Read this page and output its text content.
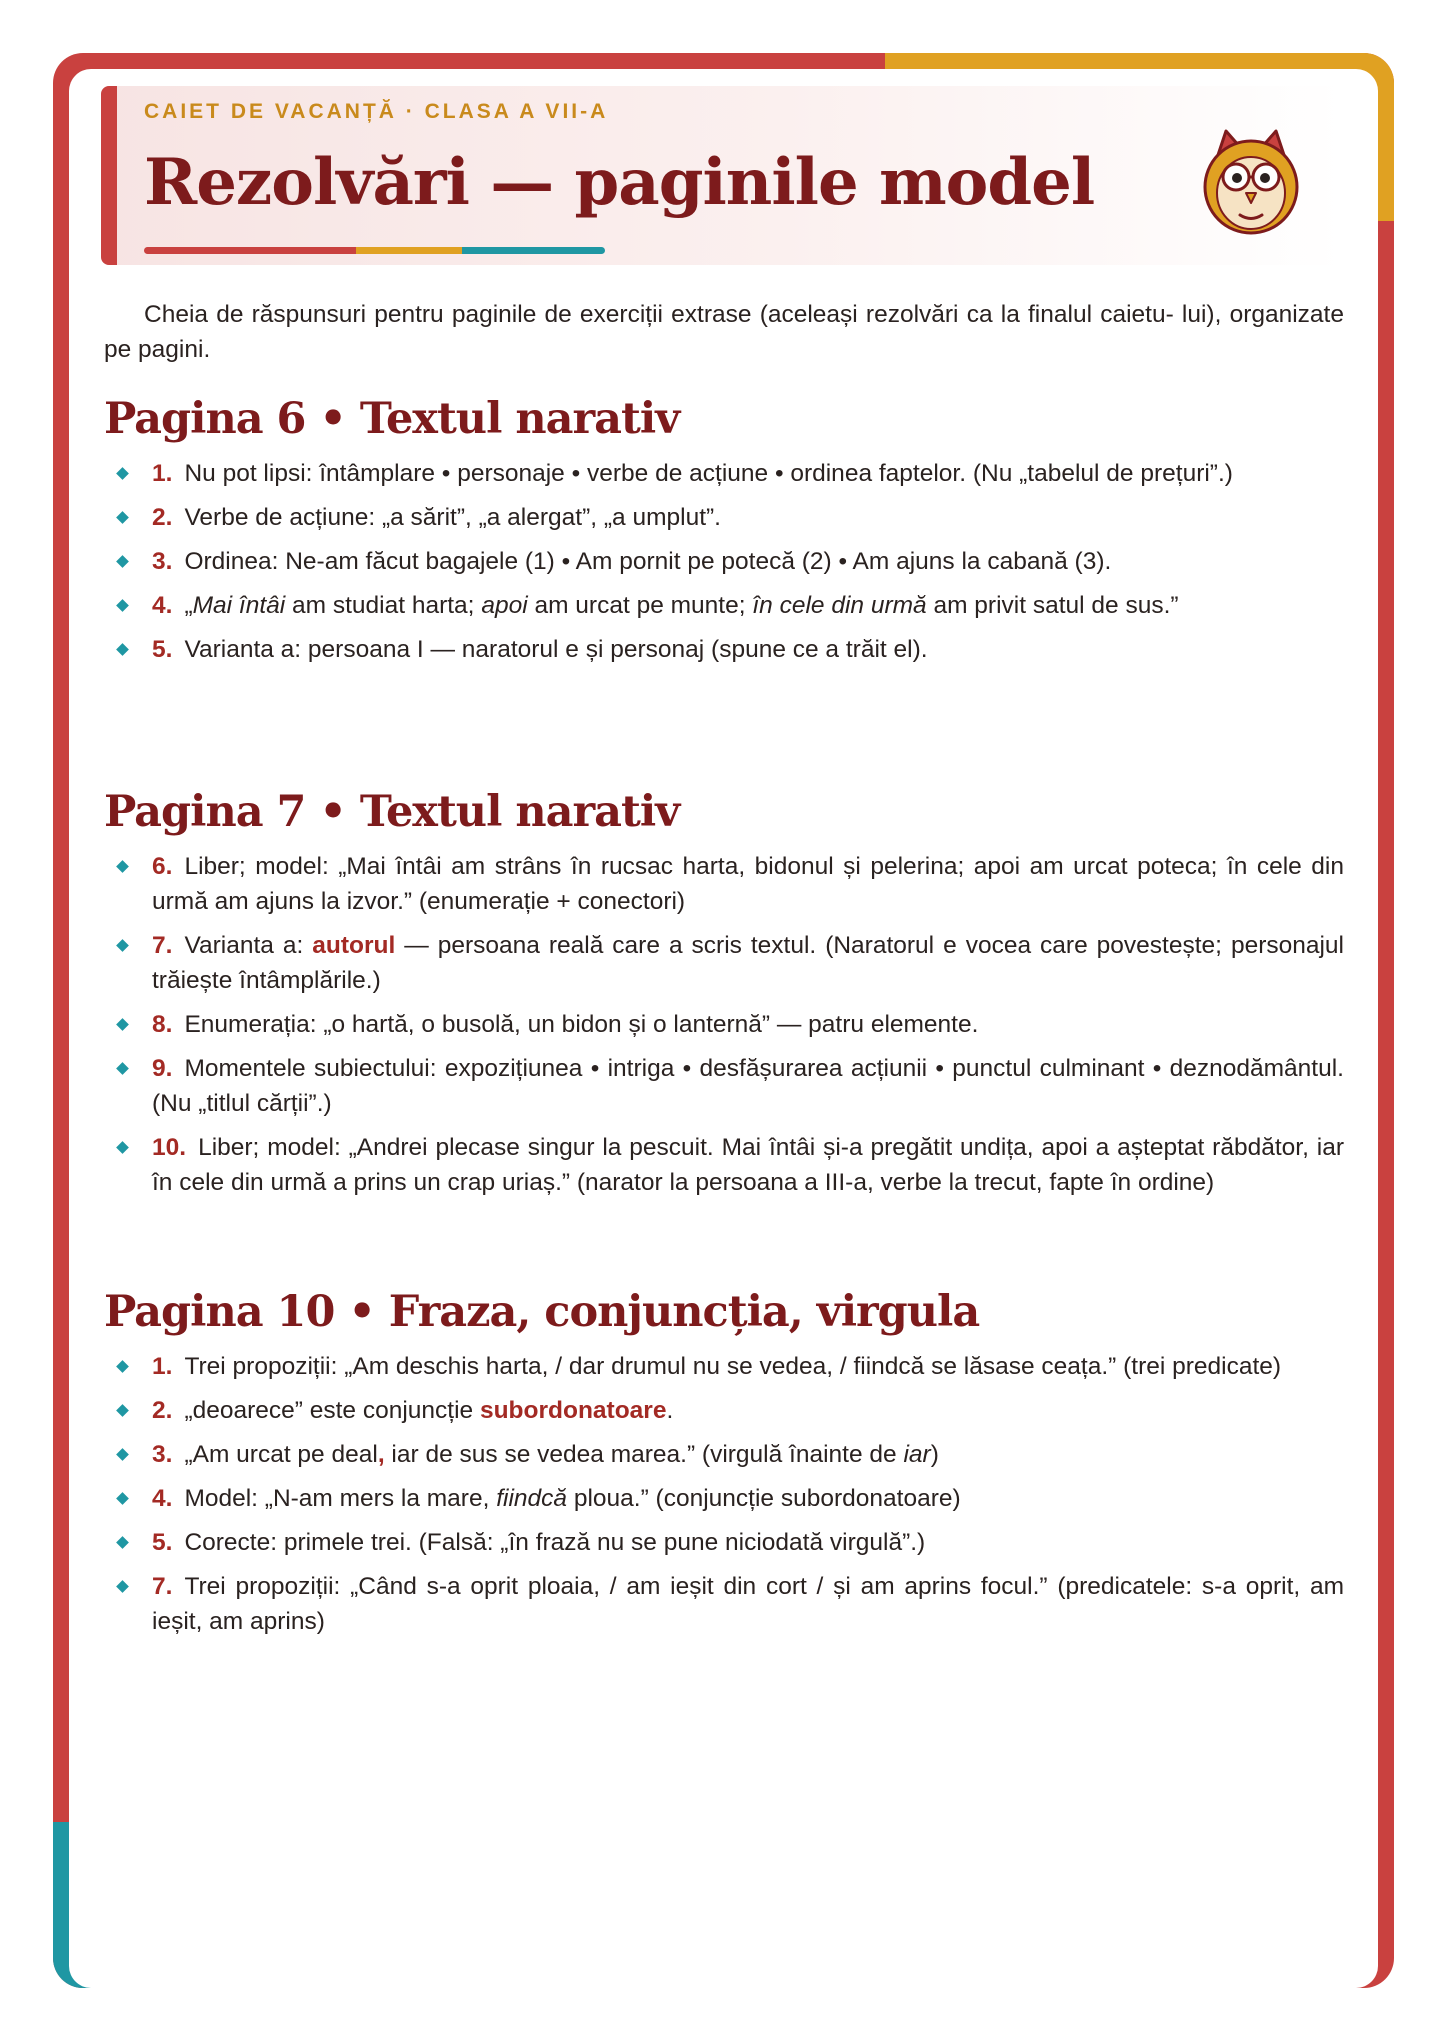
CAIET DE VACANȚĂ · CLASA A VII-A
Rezolvări — paginile model
Cheia de răspunsuri pentru paginile de exerciții extrase (aceleași rezolvări ca la finalul caietu- lui), organizate pe pagini.
Pagina 6 • Textul narativ
1. Nu pot lipsi: întâmplare • personaje • verbe de acțiune • ordinea faptelor. (Nu „tabelul de prețuri”.)
2. Verbe de acțiune: „a sărit”, „a alergat”, „a umplut”.
3. Ordinea: Ne-am făcut bagajele (1) • Am pornit pe potecă (2) • Am ajuns la cabană (3).
4. „Mai întâi am studiat harta; apoi am urcat pe munte; în cele din urmă am privit satul de sus.”
5. Varianta a: persoana I — naratorul e și personaj (spune ce a trăit el).
Pagina 7 • Textul narativ
6. Liber; model: „Mai întâi am strâns în rucsac harta, bidonul și pelerina; apoi am urcat poteca; în cele din urmă am ajuns la izvor.” (enumerație + conectori)
7. Varianta a: autorul — persoana reală care a scris textul. (Naratorul e vocea care povestește; personajul trăiește întâmplările.)
8. Enumerația: „o hartă, o busolă, un bidon și o lanternă” — patru elemente.
9. Momentele subiectului: expozițiunea • intriga • desfășurarea acțiunii • punctul culminant • deznodământul. (Nu „titlul cărții”.)
10. Liber; model: „Andrei plecase singur la pescuit. Mai întâi și-a pregătit undița, apoi a așteptat răbdător, iar în cele din urmă a prins un crap uriaș.” (narator la persoana a III-a, verbe la trecut, fapte în ordine)
Pagina 10 • Fraza, conjuncția, virgula
1. Trei propoziții: „Am deschis harta, / dar drumul nu se vedea, / fiindcă se lăsase ceața.” (trei predicate)
2. „deoarece” este conjuncție subordonatoare.
3. „Am urcat pe deal, iar de sus se vedea marea.” (virgulă înainte de iar)
4. Model: „N-am mers la mare, fiindcă ploua.” (conjuncție subordonatoare)
5. Corecte: primele trei. (Falsă: „în frază nu se pune niciodată virgulă”.)
7. Trei propoziții: „Când s-a oprit ploaia, / am ieșit din cort / și am aprins focul.” (predicatele: s-a oprit, am ieșit, am aprins)
